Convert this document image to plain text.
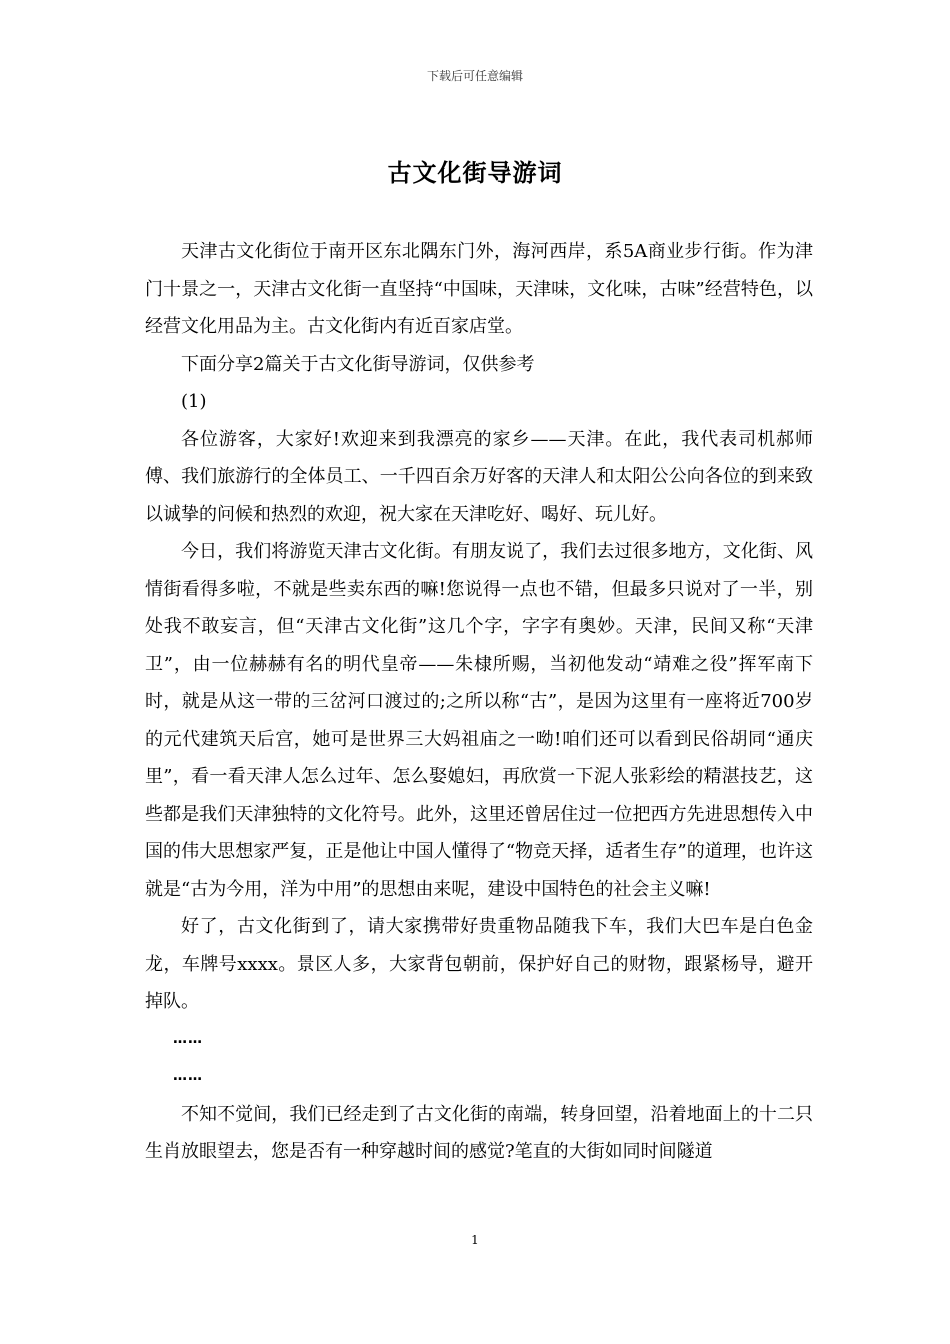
下载后可任意编辑
古文化街导游词

天津古文化街位于南开区东北隅东门外，海河西岸，系5A商业步行街。作为津门十景之一，天津古文化街一直坚持“中国味，天津味，文化味，古味”经营特色，以经营文化用品为主。古文化街内有近百家店堂。

下面分享2篇关于古文化街导游词，仅供参考

(1)

各位游客，大家好!欢迎来到我漂亮的家乡——天津。在此，我代表司机郝师傅、我们旅游行的全体员工、一千四百余万好客的天津人和太阳公公向各位的到来致以诚挚的问候和热烈的欢迎，祝大家在天津吃好、喝好、玩儿好。

今日，我们将游览天津古文化街。有朋友说了，我们去过很多地方，文化街、风情街看得多啦，不就是些卖东西的嘛!您说得一点也不错，但最多只说对了一半，别处我不敢妄言，但“天津古文化街”这几个字，字字有奥妙。天津，民间又称“天津卫”，由一位赫赫有名的明代皇帝——朱棣所赐，当初他发动“靖难之役”挥军南下时，就是从这一带的三岔河口渡过的;之所以称“古”，是因为这里有一座将近700岁的元代建筑天后宫，她可是世界三大妈祖庙之一呦!咱们还可以看到民俗胡同“通庆里”，看一看天津人怎么过年、怎么娶媳妇，再欣赏一下泥人张彩绘的精湛技艺，这些都是我们天津独特的文化符号。此外，这里还曾居住过一位把西方先进思想传入中国的伟大思想家严复，正是他让中国人懂得了“物竞天择，适者生存”的道理，也许这就是“古为今用，洋为中用”的思想由来呢，建设中国特色的社会主义嘛!

好了，古文化街到了，请大家携带好贵重物品随我下车，我们大巴车是白色金龙，车牌号xxxx。景区人多，大家背包朝前，保护好自己的财物，跟紧杨导，避开掉队。

……

……

不知不觉间，我们已经走到了古文化街的南端，转身回望，沿着地面上的十二只生肖放眼望去，您是否有一种穿越时间的感觉?笔直的大街如同时间隧道

1
